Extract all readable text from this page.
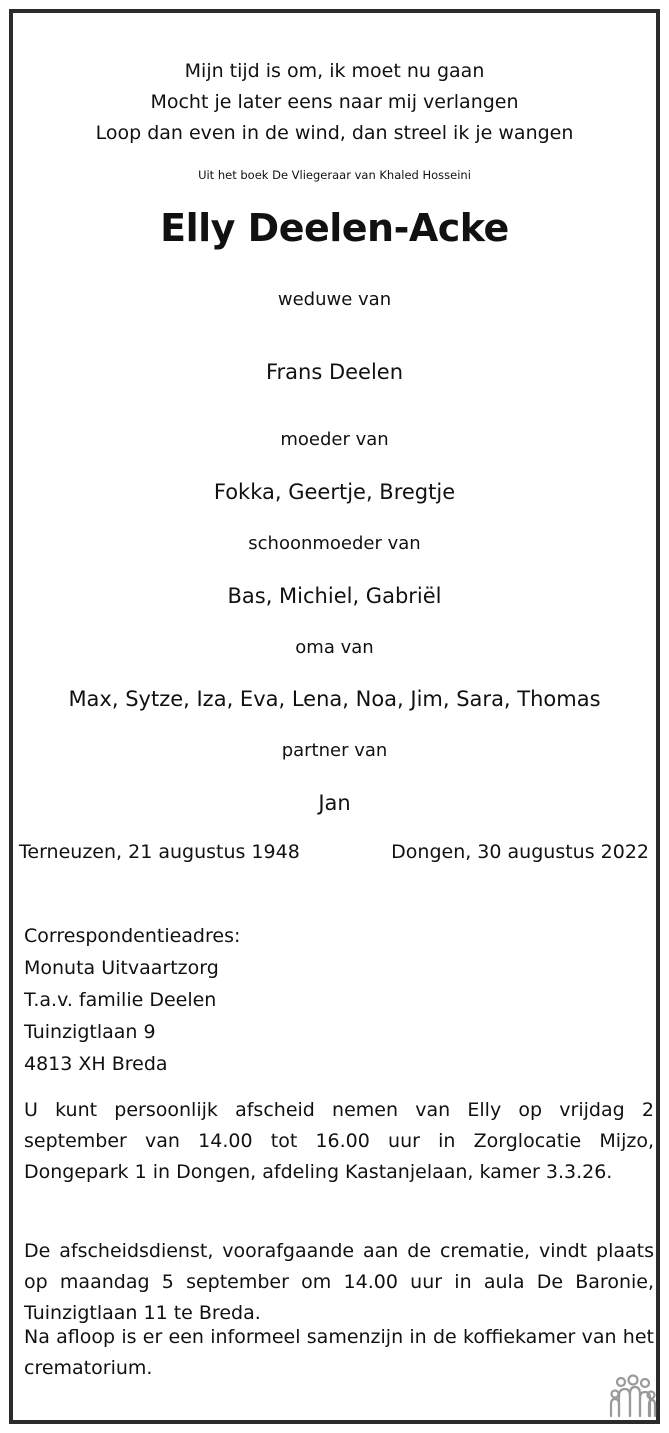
Mijn tijd is om, ik moet nu gaan
Mocht je later eens naar mij verlangen
Loop dan even in de wind, dan streel ik je wangen
Uit het boek De Vliegeraar van Khaled Hosseini
Elly Deelen-Acke
weduwe van
Frans Deelen
moeder van
Fokka, Geertje, Bregtje
schoonmoeder van
Bas, Michiel, Gabriël
oma van
Max, Sytze, Iza, Eva, Lena, Noa, Jim, Sara, Thomas
partner van
Jan
Terneuzen, 21 augustus 1948	Dongen, 30 augustus 2022
Correspondentieadres:
Monuta Uitvaartzorg
T.a.v. familie Deelen
Tuinzigtlaan 9
4813 XH Breda
U kunt persoonlijk afscheid nemen van Elly op vrijdag 2 september van 14.00 tot 16.00 uur in Zorglocatie Mijzo, Dongepark 1 in Dongen, afdeling Kastanjelaan, kamer 3.3.26.
De afscheidsdienst, voorafgaande aan de crematie, vindt plaats op maandag 5 september om 14.00 uur in aula De Baronie, Tuinzigtlaan 11 te Breda.
Na afloop is er een informeel samenzijn in de koffiekamer van het crematorium.
